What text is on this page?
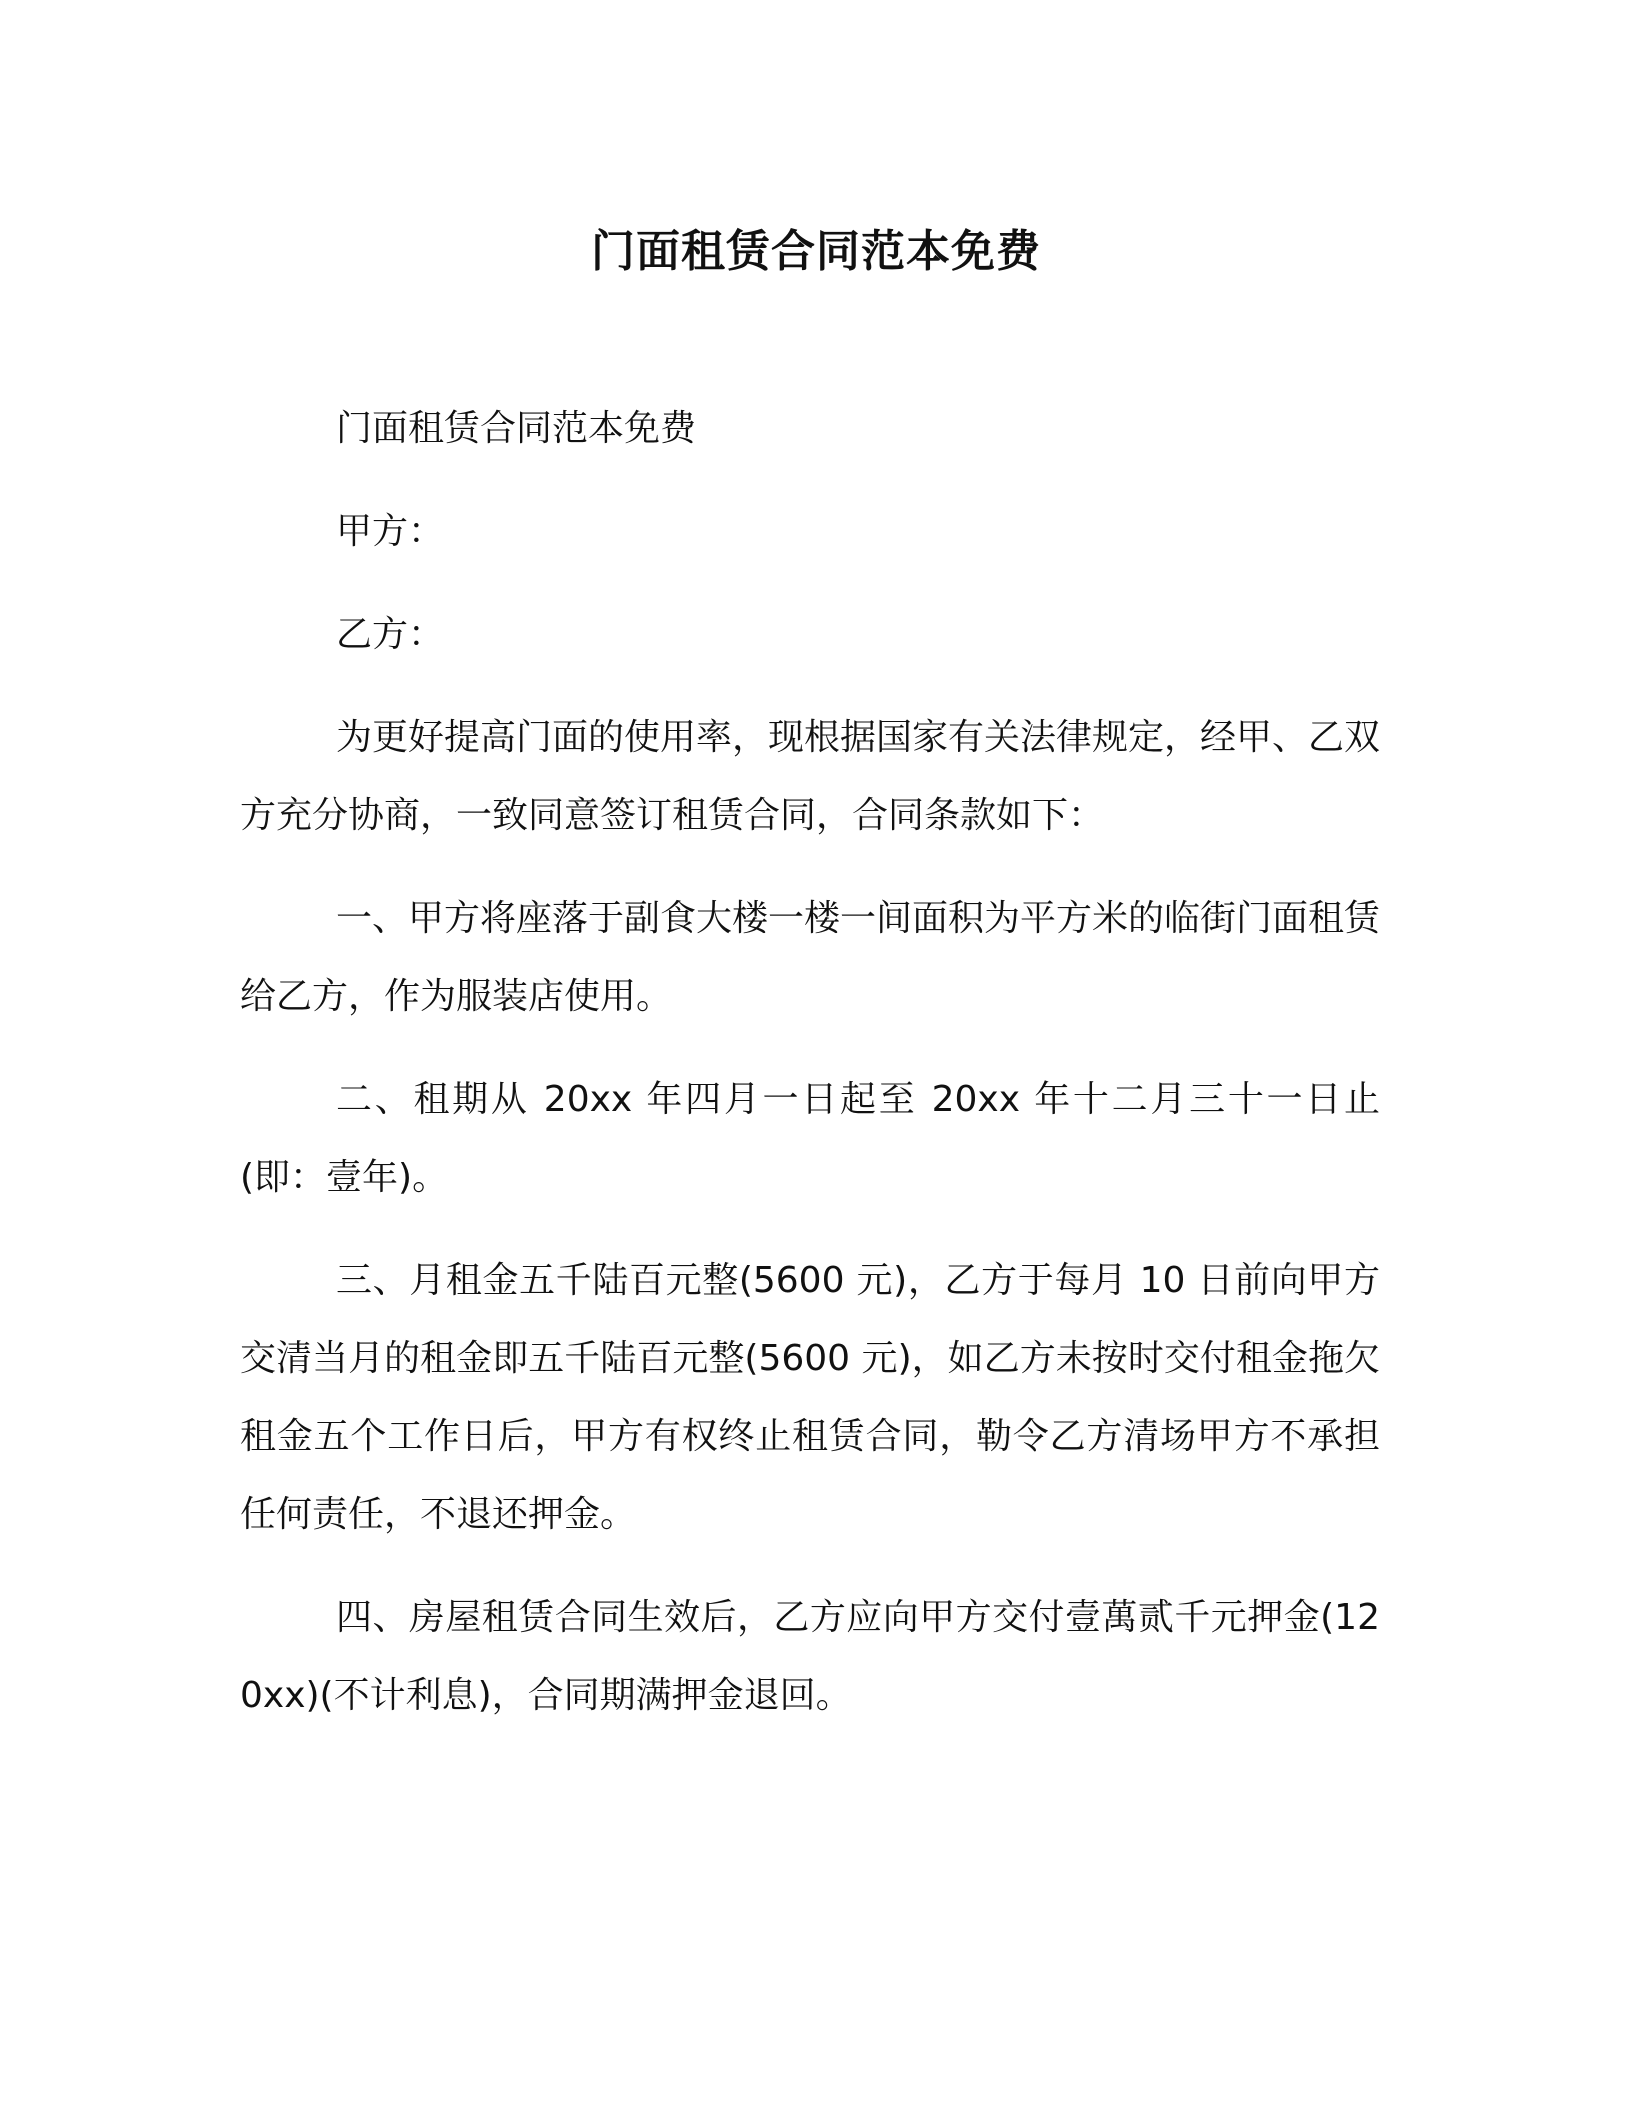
门面租赁合同范本免费

门面租赁合同范本免费

甲方：

乙方：

为更好提高门面的使用率，现根据国家有关法律规定，经甲、乙双方充分协商，一致同意签订租赁合同，合同条款如下：

一、甲方将座落于副食大楼一楼一间面积为平方米的临街门面租赁给乙方，作为服装店使用。

二、租期从 20xx 年四月一日起至 20xx 年十二月三十一日止(即：壹年)。

三、月租金五千陆百元整(5600 元)，乙方于每月 10 日前向甲方交清当月的租金即五千陆百元整(5600 元)，如乙方未按时交付租金拖欠租金五个工作日后，甲方有权终止租赁合同，勒令乙方清场甲方不承担任何责任，不退还押金。

四、房屋租赁合同生效后，乙方应向甲方交付壹萬贰千元押金(120xx)(不计利息)，合同期满押金退回。
